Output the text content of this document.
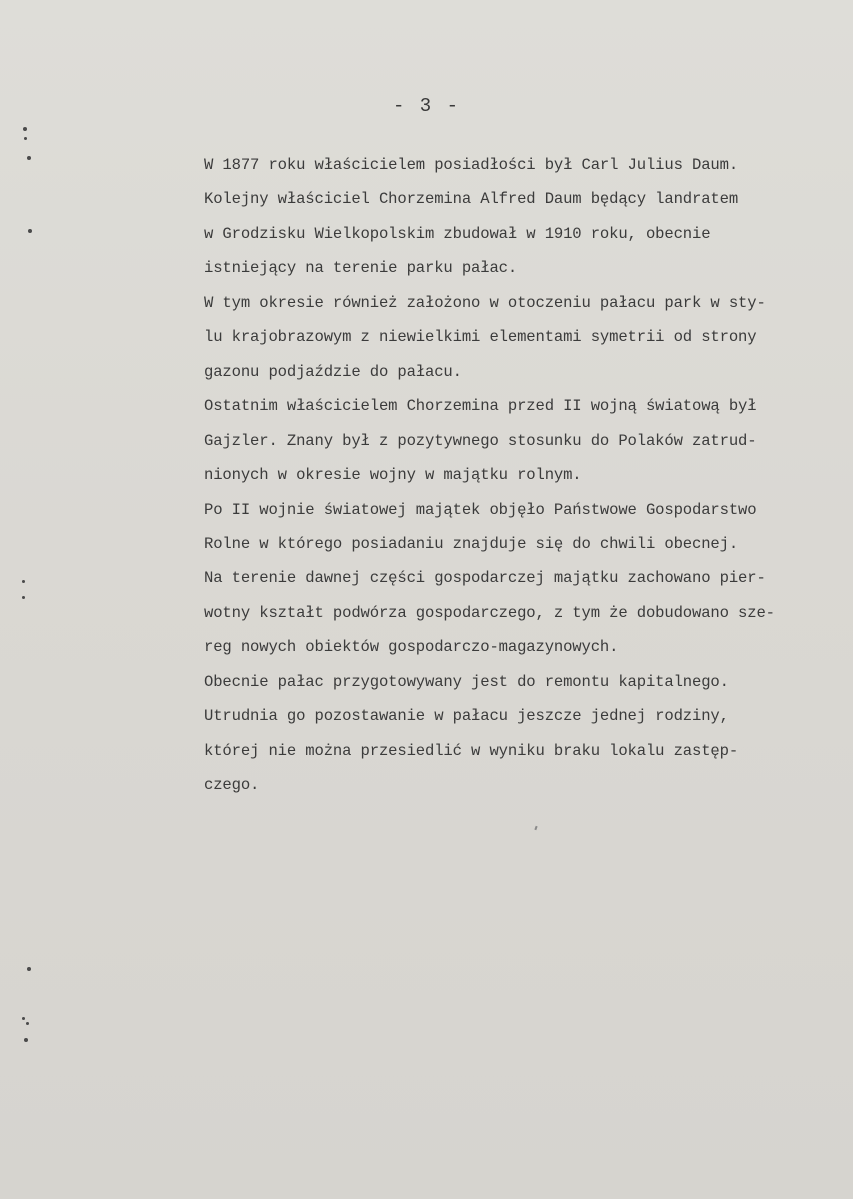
- 3 -
W 1877 roku właścicielem posiadłości był Carl Julius Daum.
Kolejny właściciel Chorzemina Alfred Daum będący landratem
w Grodzisku Wielkopolskim zbudował w 1910 roku, obecnie
istniejący na terenie parku pałac.
W tym okresie również założono w otoczeniu pałacu park w sty-
lu krajobrazowym z niewielkimi elementami symetrii od strony
gazonu podjaździe do pałacu.
Ostatnim właścicielem Chorzemina przed II wojną światową był
Gajzler. Znany był z pozytywnego stosunku do Polaków zatrud-
nionych w okresie wojny w majątku rolnym.
Po II wojnie światowej majątek objęło Państwowe Gospodarstwo
Rolne w którego posiadaniu znajduje się do chwili obecnej.
Na terenie dawnej części gospodarczej majątku zachowano pier-
wotny kształt podwórza gospodarczego, z tym że dobudowano sze-
reg nowych obiektów gospodarczo-magazynowych.
Obecnie pałac przygotowywany jest do remontu kapitalnego.
Utrudnia go pozostawanie w pałacu jeszcze jednej rodziny,
której nie można przesiedlić w wyniku braku lokalu zastęp-
czego.
